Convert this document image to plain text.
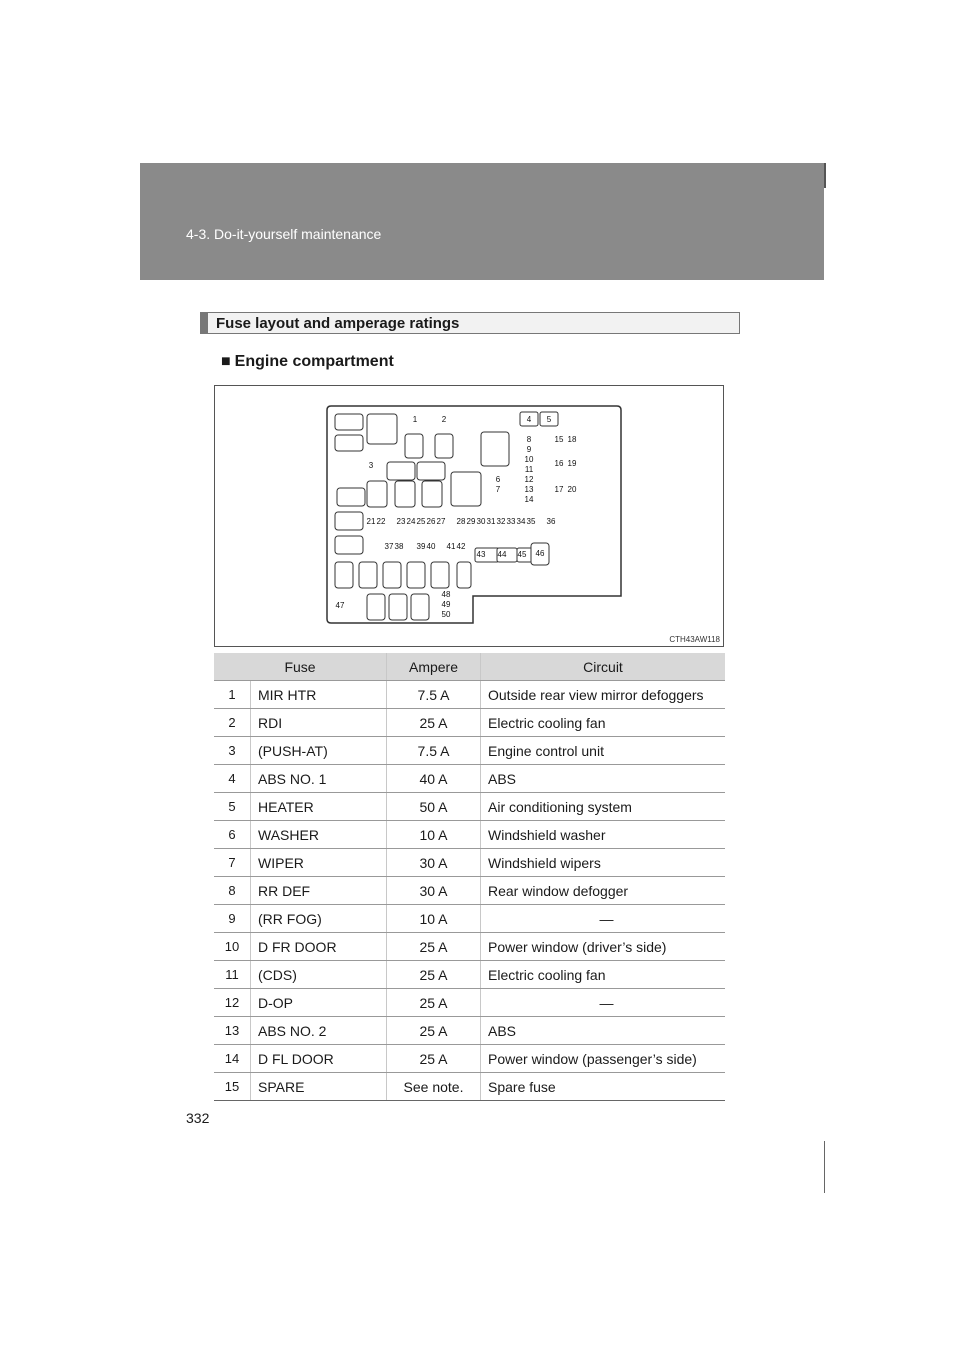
4-3. Do-it-yourself maintenance
Fuse layout and amperage ratings
■ Engine compartment
1	2
3
4 5
6
7
8
9
10
11
12
13
14
15
16
17
18
19
20
21 22 23 24 25 26 27 28 29 30 31 32 33 34 35 36
37 38 39 40 41 42
43 44 45 46
47
48
49
50
CTH43AW118
Fuse		Ampere	Circuit
1	MIR HTR	7.5 A	Outside rear view mirror defoggers
2	RDI	25 A	Electric cooling fan
3	(PUSH-AT)	7.5 A	Engine control unit
4	ABS NO. 1	40 A	ABS
5	HEATER	50 A	Air conditioning system
6	WASHER	10 A	Windshield washer
7	WIPER	30 A	Windshield wipers
8	RR DEF	30 A	Rear window defogger
9	(RR FOG)	10 A	—
10	D FR DOOR	25 A	Power window (driver’s side)
11	(CDS)	25 A	Electric cooling fan
12	D-OP	25 A	—
13	ABS NO. 2	25 A	ABS
14	D FL DOOR	25 A	Power window (passenger’s side)
15	SPARE	See note.	Spare fuse
332
